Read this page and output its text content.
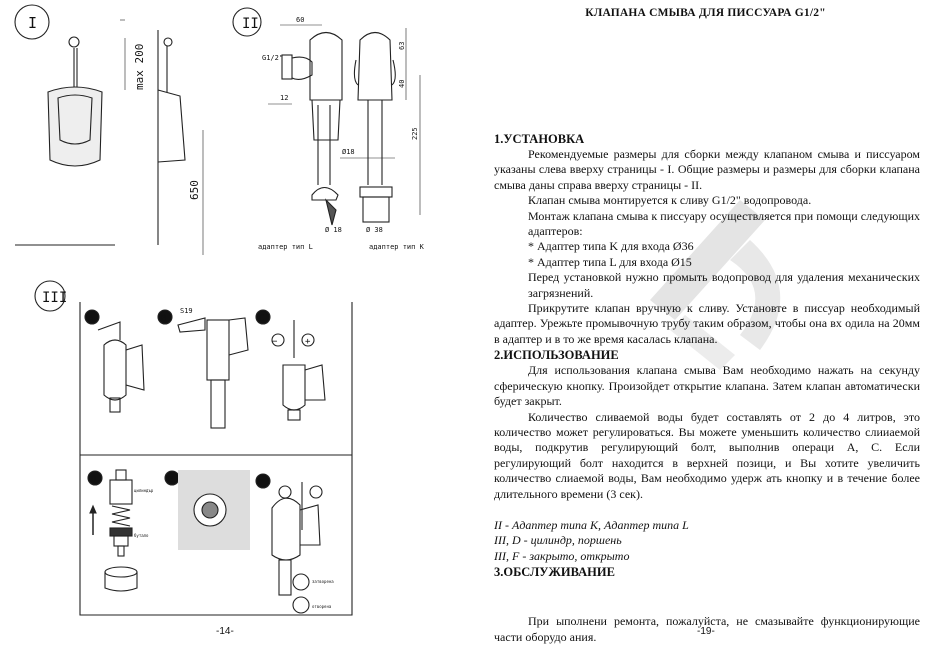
I
max 200
650
II	60
G1/2"
12
Ø 18
адаптер тип L
Ø18
Ø 38
адаптер тип K
63
40
225
III
A	B	C
D	E	F
S19
−	+
цилиндър
бутало
затворена
отворена
-14-
КЛАПАНА СМЫВА ДЛЯ ПИССУАРА G1/2"
1.УСТАНОВКА

Рекомендуемые размеры для сборки между клапаном смыва и писсуаром указаны слева вверху страницы - I. Общие размеры и размеры для сборки клапана смыва даны справа вверху страницы - II.

Клапан смыва монтируется к сливу G1/2" водопровода.

Монтаж клапана смыва к писсуару осуществляется при помощи следующих адаптеров:

* Адаптер типа K для входа Ø36

* Адаптер типа L для входа Ø15

Перед установкой нужно промыть водопровод для удаления механических загрязнений.

Прикрутите клапан вручную к сливу. Установте в писсуар необходимый адаптер. Урежьте промывочную трубу таким образом, чтобы она вх одила на 20мм в адаптер и в то же время касалась клапана.

2.ИСПОЛЬЗОВАНИЕ

Для использования клапана смыва Вам необходимо нажать на секунду сферическую кнопку. Произойдет открытие клапана. Затем клапан автоматически будет закрыт.

Количество сливаемой воды будет составлять от 2 до 4 литров, это количество может регулироваться. Вы можете уменьшить количество слииаемой воды, подкрутив регулирующий болт, выполнив операци A, C. Если регулирующий болт находится в верхней позици, и Вы хотите увеличить количество слиаемой воды, Вам необходимо удерж ать кнопку и в течение более длительного времени (3 сек).

II - Адаптер типа K, Адаптер типа L

III, D - цилиндр, поршень

III, F - закрыто, открыто

3.ОБСЛУЖИВАНИЕ

При ыполнени ремонта, пожалуйста, не смазывайте функционирующие части оборудо ания.	-19-
